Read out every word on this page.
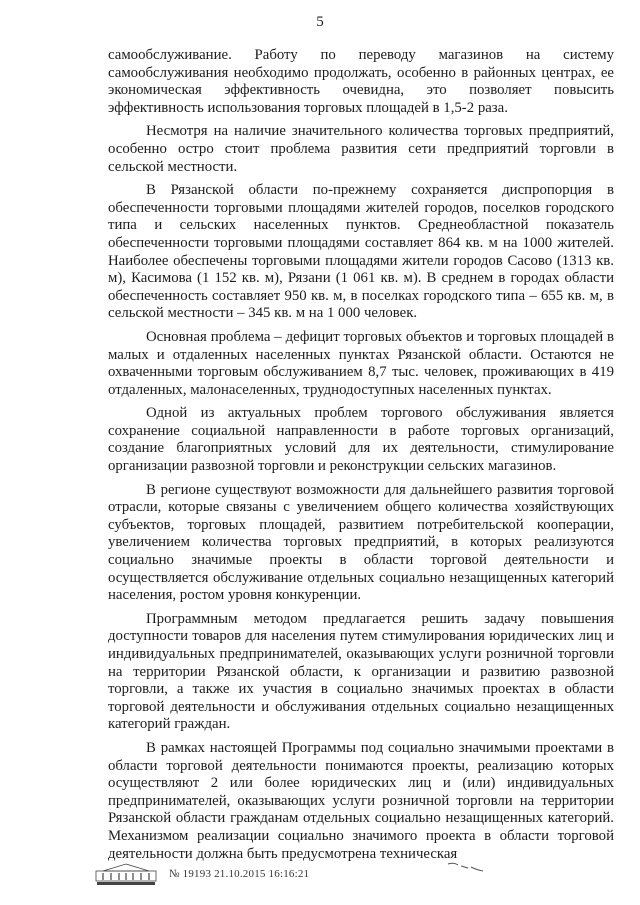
5

самообслуживание. Работу по переводу магазинов на систему самообслуживания необходимо продолжать, особенно в районных центрах, ее экономическая эффективность очевидна, это позволяет повысить эффективность использования торговых площадей в 1,5-2 раза.

Несмотря на наличие значительного количества торговых предприятий, особенно остро стоит проблема развития сети предприятий торговли в сельской местности.

В Рязанской области по-прежнему сохраняется диспропорция в обеспеченности торговыми площадями жителей городов, поселков городского типа и сельских населенных пунктов. Среднеобластной показатель обеспеченности торговыми площадями составляет 864 кв. м на 1000 жителей. Наиболее обеспечены торговыми площадями жители городов Сасово (1313 кв. м), Касимова (1 152 кв. м), Рязани (1 061 кв. м). В среднем в городах области обеспеченность составляет 950 кв. м, в поселках городского типа – 655 кв. м, в сельской местности – 345 кв. м на 1 000 человек.

Основная проблема – дефицит торговых объектов и торговых площадей в малых и отдаленных населенных пунктах Рязанской области. Остаются не охваченными торговым обслуживанием 8,7 тыс. человек, проживающих в 419 отдаленных, малонаселенных, труднодоступных населенных пунктах.

Одной из актуальных проблем торгового обслуживания является сохранение социальной направленности в работе торговых организаций, создание благоприятных условий для их деятельности, стимулирование организации развозной торговли и реконструкции сельских магазинов.

В регионе существуют возможности для дальнейшего развития торговой отрасли, которые связаны с увеличением общего количества хозяйствующих субъектов, торговых площадей, развитием потребительской кооперации, увеличением количества торговых предприятий, в которых реализуются социально значимые проекты в области торговой деятельности и осуществляется обслуживание отдельных социально незащищенных категорий населения, ростом уровня конкуренции.

Программным методом предлагается решить задачу повышения доступности товаров для населения путем стимулирования юридических лиц и индивидуальных предпринимателей, оказывающих услуги розничной торговли на территории Рязанской области, к организации и развитию развозной торговли, а также их участия в социально значимых проектах в области торговой деятельности и обслуживания отдельных социально незащищенных категорий граждан.

В рамках настоящей Программы под социально значимыми проектами в области торговой деятельности понимаются проекты, реализацию которых осуществляют 2 или более юридических лиц и (или) индивидуальных предпринимателей, оказывающих услуги розничной торговли на территории Рязанской области гражданам отдельных социально незащищенных категорий. Механизмом реализации социально значимого проекта в области торговой деятельности должна быть предусмотрена техническая

№ 19193 21.10.2015 16:16:21
